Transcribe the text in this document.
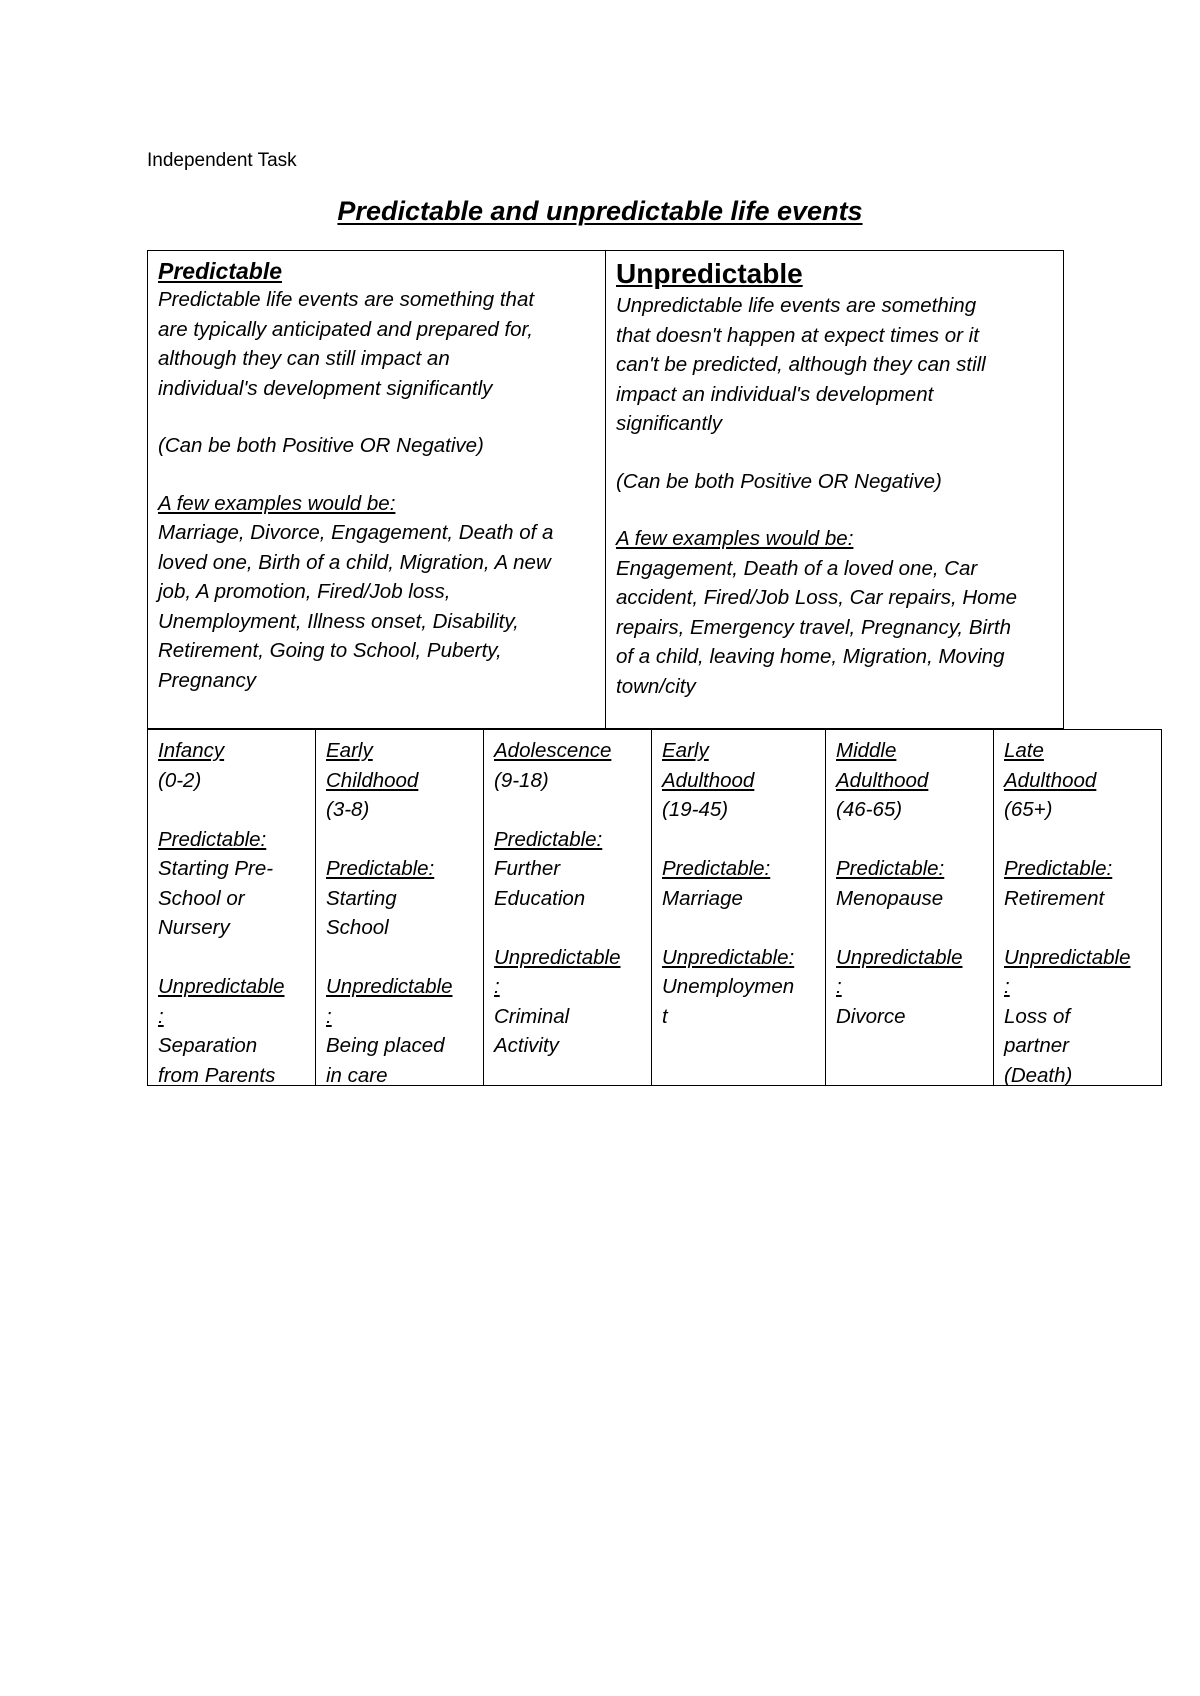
Independent Task
Predictable and unpredictable life events
Predictable
Predictable life events are something that
are typically anticipated and prepared for,
although they can still impact an
individual's development significantly
(Can be both Positive OR Negative)
A few examples would be:
Marriage, Divorce, Engagement, Death of a
loved one, Birth of a child, Migration, A new
job, A promotion, Fired/Job loss,
Unemployment, Illness onset, Disability,
Retirement, Going to School, Puberty,
Pregnancy
Unpredictable
Unpredictable life events are something
that doesn't happen at expect times or it
can't be predicted, although they can still
impact an individual's development
significantly
(Can be both Positive OR Negative)
A few examples would be:
Engagement, Death of a loved one, Car
accident, Fired/Job Loss, Car repairs, Home
repairs, Emergency travel, Pregnancy, Birth
of a child, leaving home, Migration, Moving
town/city
Infancy
(0-2)
Predictable:
Starting Pre-
School or
Nursery
Unpredictable
:
Separation
from Parents
Early
Childhood
(3-8)
Predictable:
Starting
School
Unpredictable
:
Being placed
in care
Adolescence
(9-18)
Predictable:
Further
Education
Unpredictable
:
Criminal
Activity
Early
Adulthood
(19-45)
Predictable:
Marriage
Unpredictable:
Unemploymen
t
Middle
Adulthood
(46-65)
Predictable:
Menopause
Unpredictable
:
Divorce
Late
Adulthood
(65+)
Predictable:
Retirement
Unpredictable
:
Loss of
partner
(Death)
